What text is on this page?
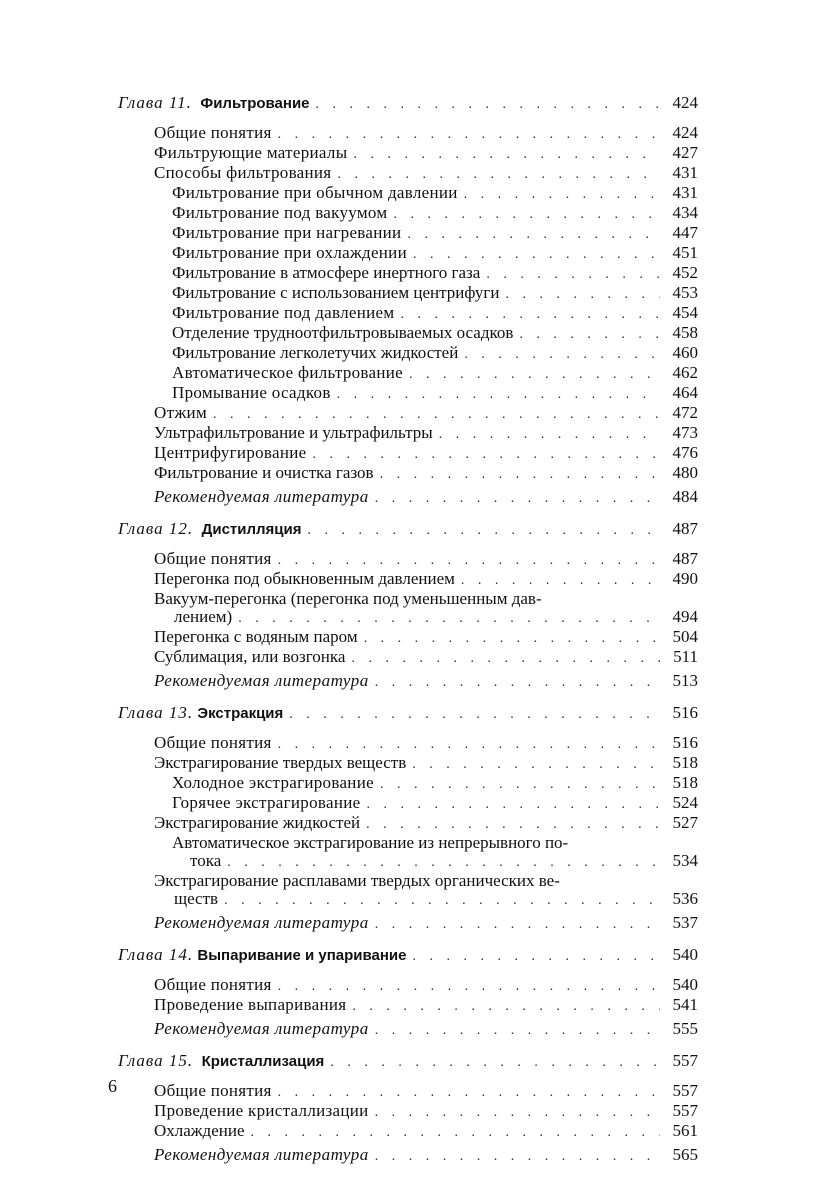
Глава 11. Фильтрование . . .	424
Общие понятия . . .	424
Фильтрующие материалы . . .	427
Способы фильтрования . . .	431
Фильтрование при обычном давлении . . .	431
Фильтрование под вакуумом . . .	434
Фильтрование при нагревании . . .	447
Фильтрование при охлаждении . . .	451
Фильтрование в атмосфере инертного газа . . .	452
Фильтрование с использованием центрифуги . . .	453
Фильтрование под давлением . . .	454
Отделение трудноотфильтровываемых осадков . . .	458
Фильтрование легколетучих жидкостей . . .	460
Автоматическое фильтрование . . .	462
Промывание осадков . . .	464
Отжим . . .	472
Ультрафильтрование и ультрафильтры . . .	473
Центрифугирование . . .	476
Фильтрование и очистка газов . . .	480
Рекомендуемая литература . . .	484
Глава 12. Дистилляция . . .	487
Общие понятия . . .	487
Перегонка под обыкновенным давлением . . .	490
Вакуум-перегонка (перегонка под уменьшенным дав-
лением) . . .	494
Перегонка с водяным паром . . .	504
Сублимация, или возгонка . . .	511
Рекомендуемая литература . . .	513
Глава 13. Экстракция . . .	516
Общие понятия . . .	516
Экстрагирование твердых веществ . . .	518
Холодное экстрагирование . . .	518
Горячее экстрагирование . . .	524
Экстрагирование жидкостей . . .	527
Автоматическое экстрагирование из непрерывного по-
тока . . .	534
Экстрагирование расплавами твердых органических ве-
ществ . . .	536
Рекомендуемая литература . . .	537
Глава 14. Выпаривание и упаривание . . .	540
Общие понятия . . .	540
Проведение выпаривания . . .	541
Рекомендуемая литература . . .	555
Глава 15. Кристаллизация . . .	557
Общие понятия . . .	557
Проведение кристаллизации . . .	557
Охлаждение . . .	561
Рекомендуемая литература . . .	565
6
